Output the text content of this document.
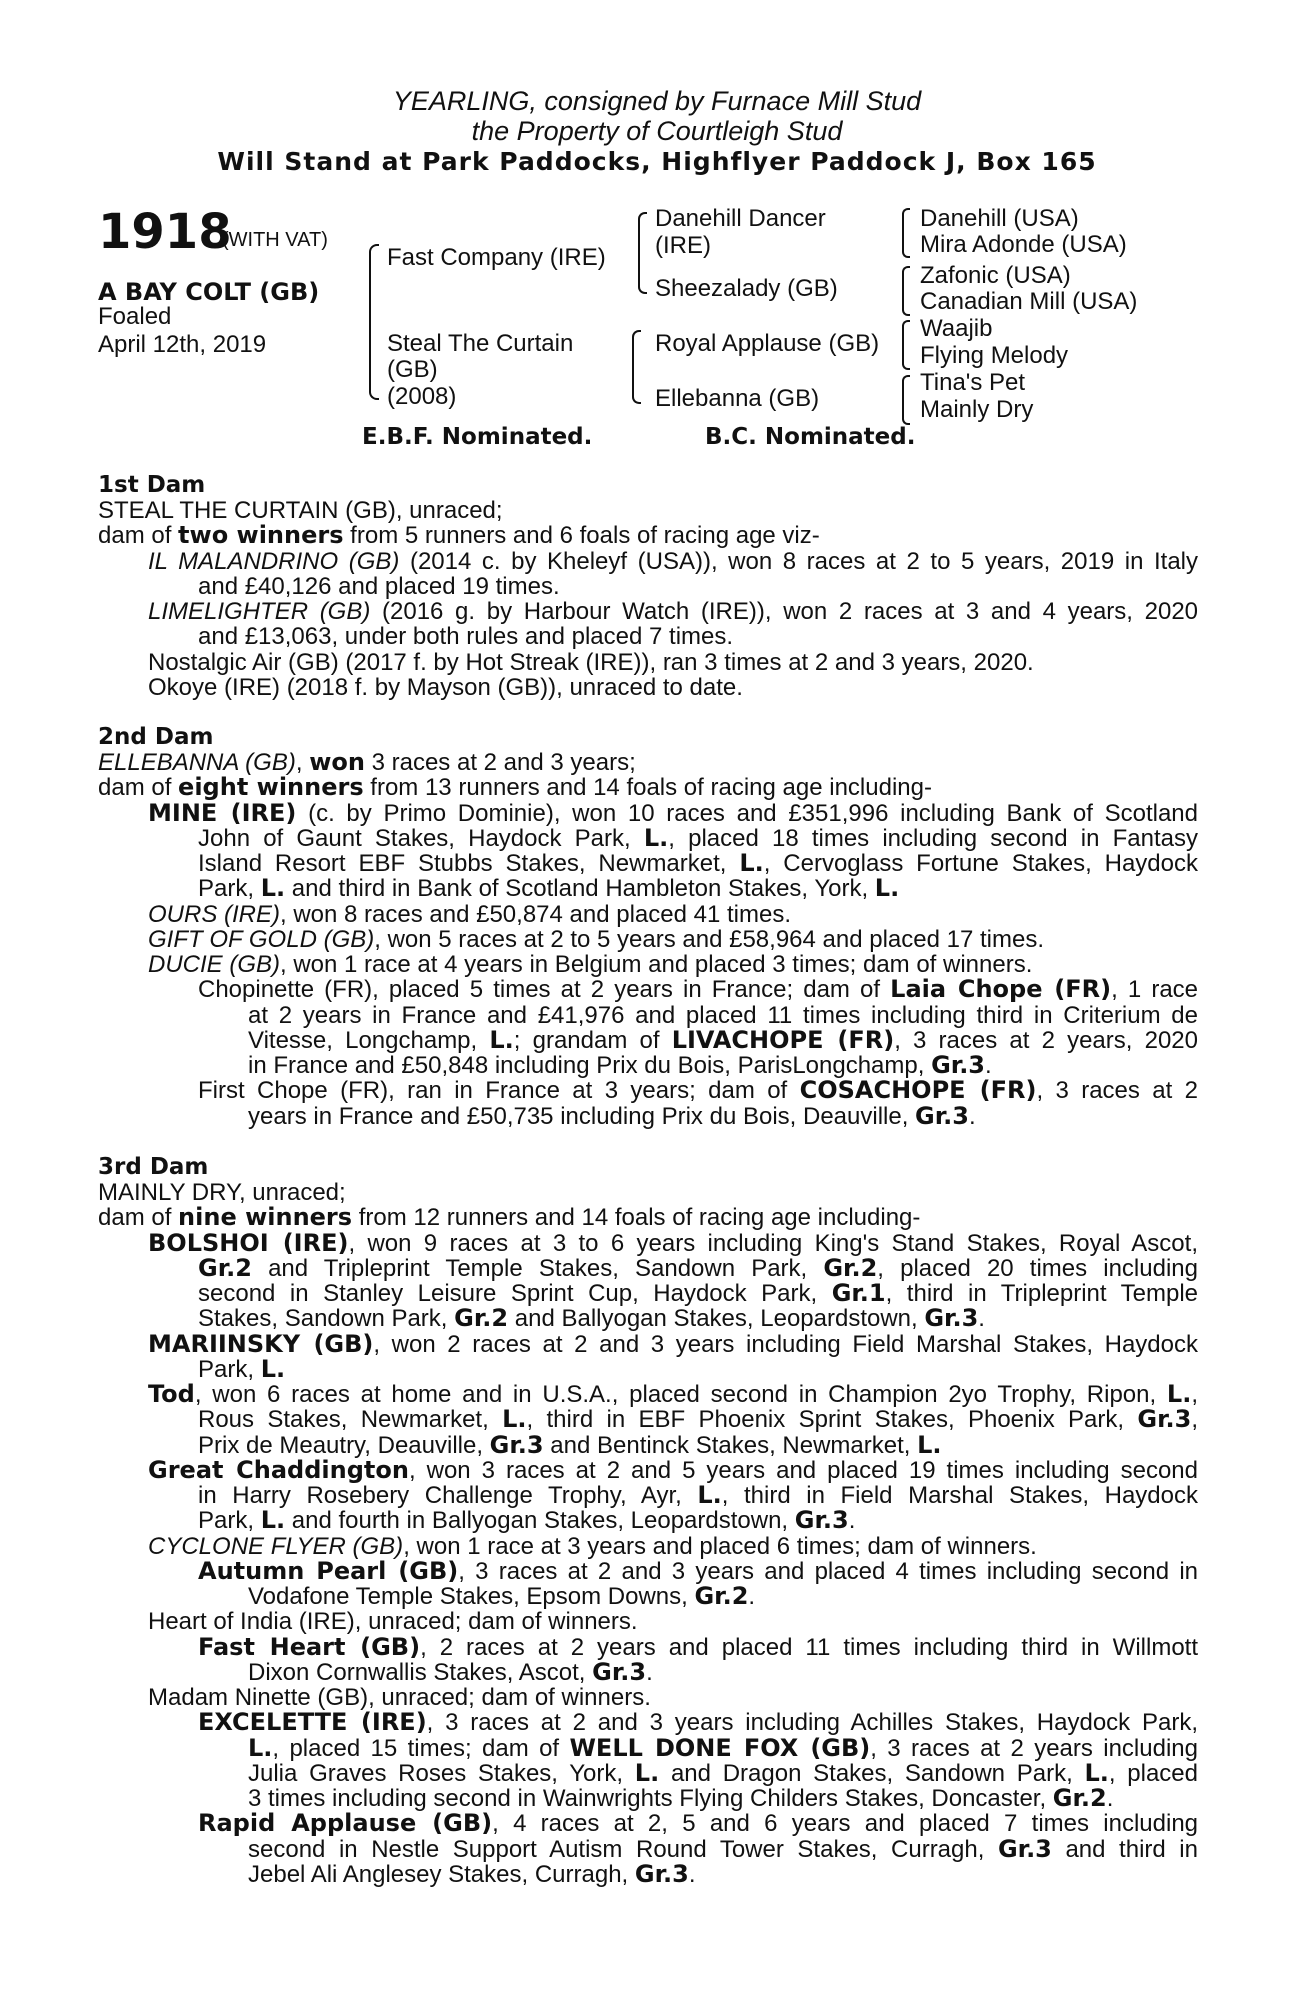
YEARLING, consigned by Furnace Mill Stud
the Property of Courtleigh Stud
Will Stand at Park Paddocks, Highflyer Paddock J, Box 165
1918
(WITH VAT)
A BAY COLT (GB)
Foaled
April 12th, 2019
Fast Company (IRE)
Steal The Curtain
(GB)
(2008)
Danehill Dancer
(IRE)
Sheezalady (GB)
Royal Applause (GB)
Ellebanna (GB)
Danehill (USA)
Mira Adonde (USA)
Zafonic (USA)
Canadian Mill (USA)
Waajib
Flying Melody
Tina's Pet
Mainly Dry
E.B.F. Nominated.	B.C. Nominated.
1st Dam
STEAL THE CURTAIN (GB), unraced;
dam of two winners from 5 runners and 6 foals of racing age viz-
IL MALANDRINO (GB) (2014 c. by Kheleyf (USA)), won 8 races at 2 to 5 years, 2019 in Italy
and £40,126 and placed 19 times.
LIMELIGHTER (GB) (2016 g. by Harbour Watch (IRE)), won 2 races at 3 and 4 years, 2020
and £13,063, under both rules and placed 7 times.
Nostalgic Air (GB) (2017 f. by Hot Streak (IRE)), ran 3 times at 2 and 3 years, 2020.
Okoye (IRE) (2018 f. by Mayson (GB)), unraced to date.
2nd Dam
ELLEBANNA (GB), won 3 races at 2 and 3 years;
dam of eight winners from 13 runners and 14 foals of racing age including-
MINE (IRE) (c. by Primo Dominie), won 10 races and £351,996 including Bank of Scotland
John of Gaunt Stakes, Haydock Park, L., placed 18 times including second in Fantasy
Island Resort EBF Stubbs Stakes, Newmarket, L., Cervoglass Fortune Stakes, Haydock
Park, L. and third in Bank of Scotland Hambleton Stakes, York, L.
OURS (IRE), won 8 races and £50,874 and placed 41 times.
GIFT OF GOLD (GB), won 5 races at 2 to 5 years and £58,964 and placed 17 times.
DUCIE (GB), won 1 race at 4 years in Belgium and placed 3 times; dam of winners.
Chopinette (FR), placed 5 times at 2 years in France; dam of Laia Chope (FR), 1 race
at 2 years in France and £41,976 and placed 11 times including third in Criterium de
Vitesse, Longchamp, L.; grandam of LIVACHOPE (FR), 3 races at 2 years, 2020
in France and £50,848 including Prix du Bois, ParisLongchamp, Gr.3.
First Chope (FR), ran in France at 3 years; dam of COSACHOPE (FR), 3 races at 2
years in France and £50,735 including Prix du Bois, Deauville, Gr.3.
3rd Dam
MAINLY DRY, unraced;
dam of nine winners from 12 runners and 14 foals of racing age including-
BOLSHOI (IRE), won 9 races at 3 to 6 years including King's Stand Stakes, Royal Ascot,
Gr.2 and Tripleprint Temple Stakes, Sandown Park, Gr.2, placed 20 times including
second in Stanley Leisure Sprint Cup, Haydock Park, Gr.1, third in Tripleprint Temple
Stakes, Sandown Park, Gr.2 and Ballyogan Stakes, Leopardstown, Gr.3.
MARIINSKY (GB), won 2 races at 2 and 3 years including Field Marshal Stakes, Haydock
Park, L.
Tod, won 6 races at home and in U.S.A., placed second in Champion 2yo Trophy, Ripon, L.,
Rous Stakes, Newmarket, L., third in EBF Phoenix Sprint Stakes, Phoenix Park, Gr.3,
Prix de Meautry, Deauville, Gr.3 and Bentinck Stakes, Newmarket, L.
Great Chaddington, won 3 races at 2 and 5 years and placed 19 times including second
in Harry Rosebery Challenge Trophy, Ayr, L., third in Field Marshal Stakes, Haydock
Park, L. and fourth in Ballyogan Stakes, Leopardstown, Gr.3.
CYCLONE FLYER (GB), won 1 race at 3 years and placed 6 times; dam of winners.
Autumn Pearl (GB), 3 races at 2 and 3 years and placed 4 times including second in
Vodafone Temple Stakes, Epsom Downs, Gr.2.
Heart of India (IRE), unraced; dam of winners.
Fast Heart (GB), 2 races at 2 years and placed 11 times including third in Willmott
Dixon Cornwallis Stakes, Ascot, Gr.3.
Madam Ninette (GB), unraced; dam of winners.
EXCELETTE (IRE), 3 races at 2 and 3 years including Achilles Stakes, Haydock Park,
L., placed 15 times; dam of WELL DONE FOX (GB), 3 races at 2 years including
Julia Graves Roses Stakes, York, L. and Dragon Stakes, Sandown Park, L., placed
3 times including second in Wainwrights Flying Childers Stakes, Doncaster, Gr.2.
Rapid Applause (GB), 4 races at 2, 5 and 6 years and placed 7 times including
second in Nestle Support Autism Round Tower Stakes, Curragh, Gr.3 and third in
Jebel Ali Anglesey Stakes, Curragh, Gr.3.
